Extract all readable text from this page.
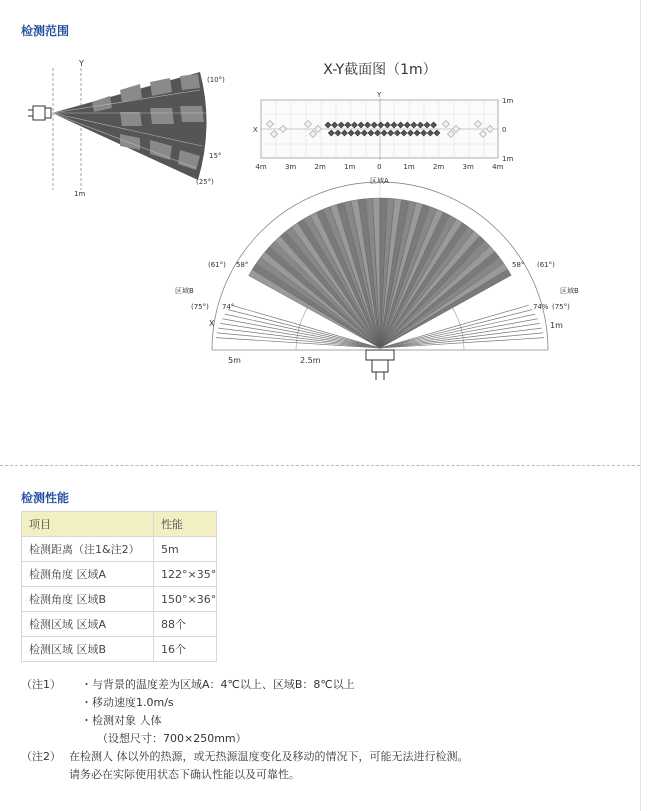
检测范围
Y
1m
(10°)
15°
(25°)
X-Y截面图（1m）
Y
X
1m
0
1m
4m	3m	2m	1m	0	1m	2m	3m	4m
区域A
区域B	区域B
(61°) 58°
(75°) 74°
58° (61°)
74% (75°)
X
5m	2.5m
1m
检测性能
项目	性能
检测距离（注1&注2）	5m
检测角度 区域A	122°×35°
检测角度 区域B	150°×36°
检测区域 区域A	88个
检测区域 区域B	16个
（注1）	・与背景的温度差为区域A：4℃以上、区域B：8℃以上
・移动速度1.0m/s
・检测对象 人体
（设想尺寸：700×250mm）
（注2） 在检测人 体以外的热源，或无热源温度变化及移动的情况下，可能无法进行检测。
请务必在实际使用状态下确认性能以及可靠性。
